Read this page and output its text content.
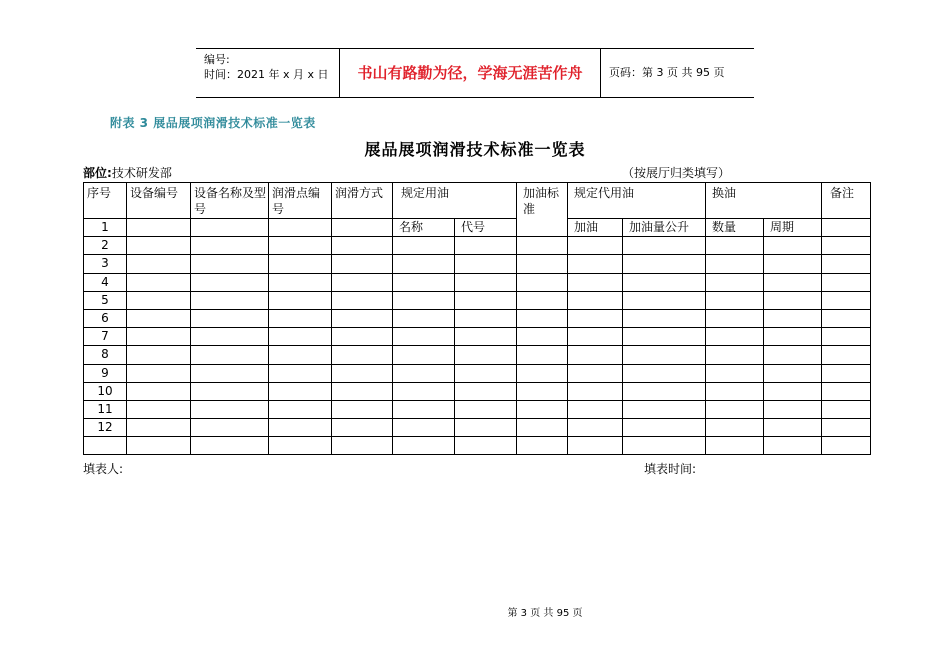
编号:
时间：2021 年 x 月 x 日	书山有路勤为径，学海无涯苦作舟	页码：第 3 页 共 95 页
附表 3 展品展项润滑技术标准一览表
展品展项润滑技术标准一览表
部位:技术研发部	（按展厅归类填写）
序号	设备编号	设备名称及型号	润滑点编号	润滑方式	规定用油		加油标准	规定代用油		换油		备注
1					名称	代号		加油	加油量公升	数量	周期	
2												
3												
4												
5												
6												
7												
8												
9												
10												
11												
12												

填表人:	填表时间:
第 3 页 共 95 页
